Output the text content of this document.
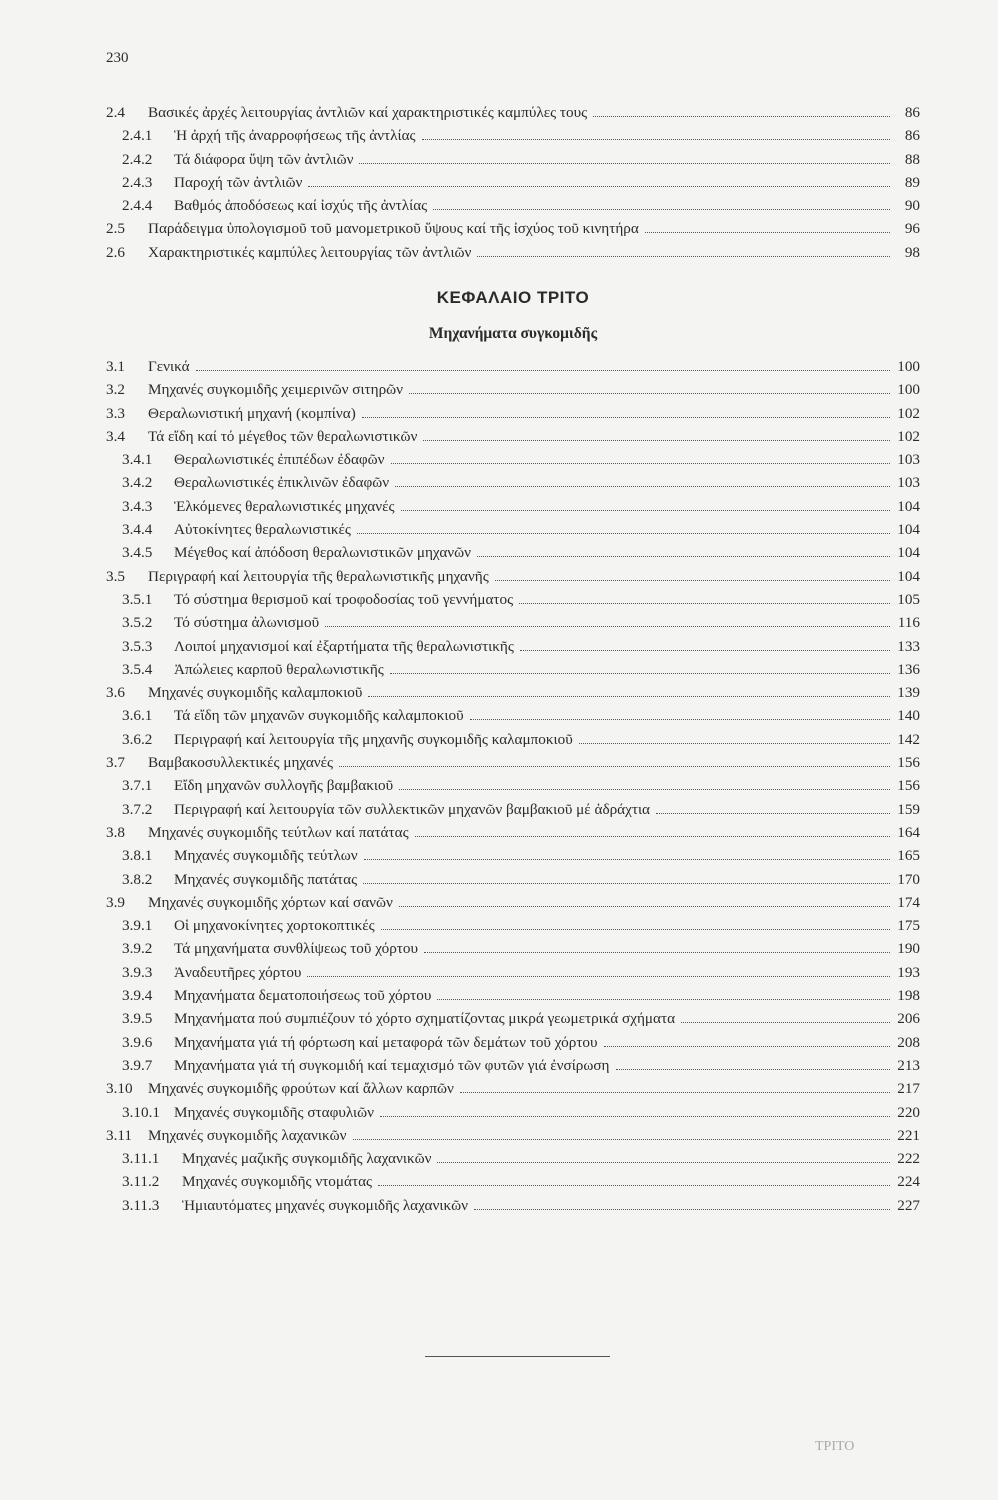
230
2.4	Βασικές ἀρχές λειτουργίας ἀντλιῶν καί χαρακτηριστικές καμπύλες τους	86
2.4.1	Ἡ ἀρχή τῆς ἀναρροφήσεως τῆς ἀντλίας	86
2.4.2	Τά διάφορα ὕψη τῶν ἀντλιῶν	88
2.4.3	Παροχή τῶν ἀντλιῶν	89
2.4.4	Βαθμός ἀποδόσεως καί ἰσχύς τῆς ἀντλίας	90
2.5	Παράδειγμα ὑπολογισμοῦ τοῦ μανομετρικοῦ ὕψους καί τῆς ἰσχύος τοῦ κινητήρα	96
2.6	Χαρακτηριστικές καμπύλες λειτουργίας τῶν ἀντλιῶν	98
ΚΕΦΑΛΑΙΟ ΤΡΙΤΟ
Μηχανήματα συγκομιδῆς
3.1	Γενικά	100
3.2	Μηχανές συγκομιδῆς χειμερινῶν σιτηρῶν	100
3.3	Θεραλωνιστική μηχανή (κομπίνα)	102
3.4	Τά εἴδη καί τό μέγεθος τῶν θεραλωνιστικῶν	102
3.4.1	Θεραλωνιστικές ἐπιπέδων ἐδαφῶν	103
3.4.2	Θεραλωνιστικές ἐπικλινῶν ἐδαφῶν	103
3.4.3	Ἑλκόμενες θεραλωνιστικές μηχανές	104
3.4.4	Αὐτοκίνητες θεραλωνιστικές	104
3.4.5	Μέγεθος καί ἀπόδοση θεραλωνιστικῶν μηχανῶν	104
3.5	Περιγραφή καί λειτουργία τῆς θεραλωνιστικῆς μηχανῆς	104
3.5.1	Τό σύστημα θερισμοῦ καί τροφοδοσίας τοῦ γεννήματος	105
3.5.2	Τό σύστημα ἀλωνισμοῦ	116
3.5.3	Λοιποί μηχανισμοί καί ἐξαρτήματα τῆς θεραλωνιστικῆς	133
3.5.4	Ἀπώλειες καρποῦ θεραλωνιστικῆς	136
3.6	Μηχανές συγκομιδῆς καλαμποκιοῦ	139
3.6.1	Τά εἴδη τῶν μηχανῶν συγκομιδῆς καλαμποκιοῦ	140
3.6.2	Περιγραφή καί λειτουργία τῆς μηχανῆς συγκομιδῆς καλαμποκιοῦ	142
3.7	Βαμβακοσυλλεκτικές μηχανές	156
3.7.1	Εἴδη μηχανῶν συλλογῆς βαμβακιοῦ	156
3.7.2	Περιγραφή καί λειτουργία τῶν συλλεκτικῶν μηχανῶν βαμβακιοῦ μέ ἀδράχτια	159
3.8	Μηχανές συγκομιδῆς τεύτλων καί πατάτας	164
3.8.1	Μηχανές συγκομιδῆς τεύτλων	165
3.8.2	Μηχανές συγκομιδῆς πατάτας	170
3.9	Μηχανές συγκομιδῆς χόρτων καί σανῶν	174
3.9.1	Οἱ μηχανοκίνητες χορτοκοπτικές	175
3.9.2	Τά μηχανήματα συνθλίψεως τοῦ χόρτου	190
3.9.3	Ἀναδευτῆρες χόρτου	193
3.9.4	Μηχανήματα δεματοποιήσεως τοῦ χόρτου	198
3.9.5	Μηχανήματα πού συμπιέζουν τό χόρτο σχηματίζοντας μικρά γεωμετρικά σχήματα	206
3.9.6	Μηχανήματα γιά τή φόρτωση καί μεταφορά τῶν δεμάτων τοῦ χόρτου	208
3.9.7	Μηχανήματα γιά τή συγκομιδή καί τεμαχισμό τῶν φυτῶν γιά ἐνσίρωση	213
3.10	Μηχανές συγκομιδῆς φρούτων καί ἄλλων καρπῶν	217
3.10.1 Μηχανές συγκομιδῆς σταφυλιῶν	220
3.11	Μηχανές συγκομιδῆς λαχανικῶν	221
3.11.1	Μηχανές μαζικῆς συγκομιδῆς λαχανικῶν	222
3.11.2	Μηχανές συγκομιδῆς ντομάτας	224
3.11.3	Ἡμιαυτόματες μηχανές συγκομιδῆς λαχανικῶν	227
ΤΡΙΤΟ
